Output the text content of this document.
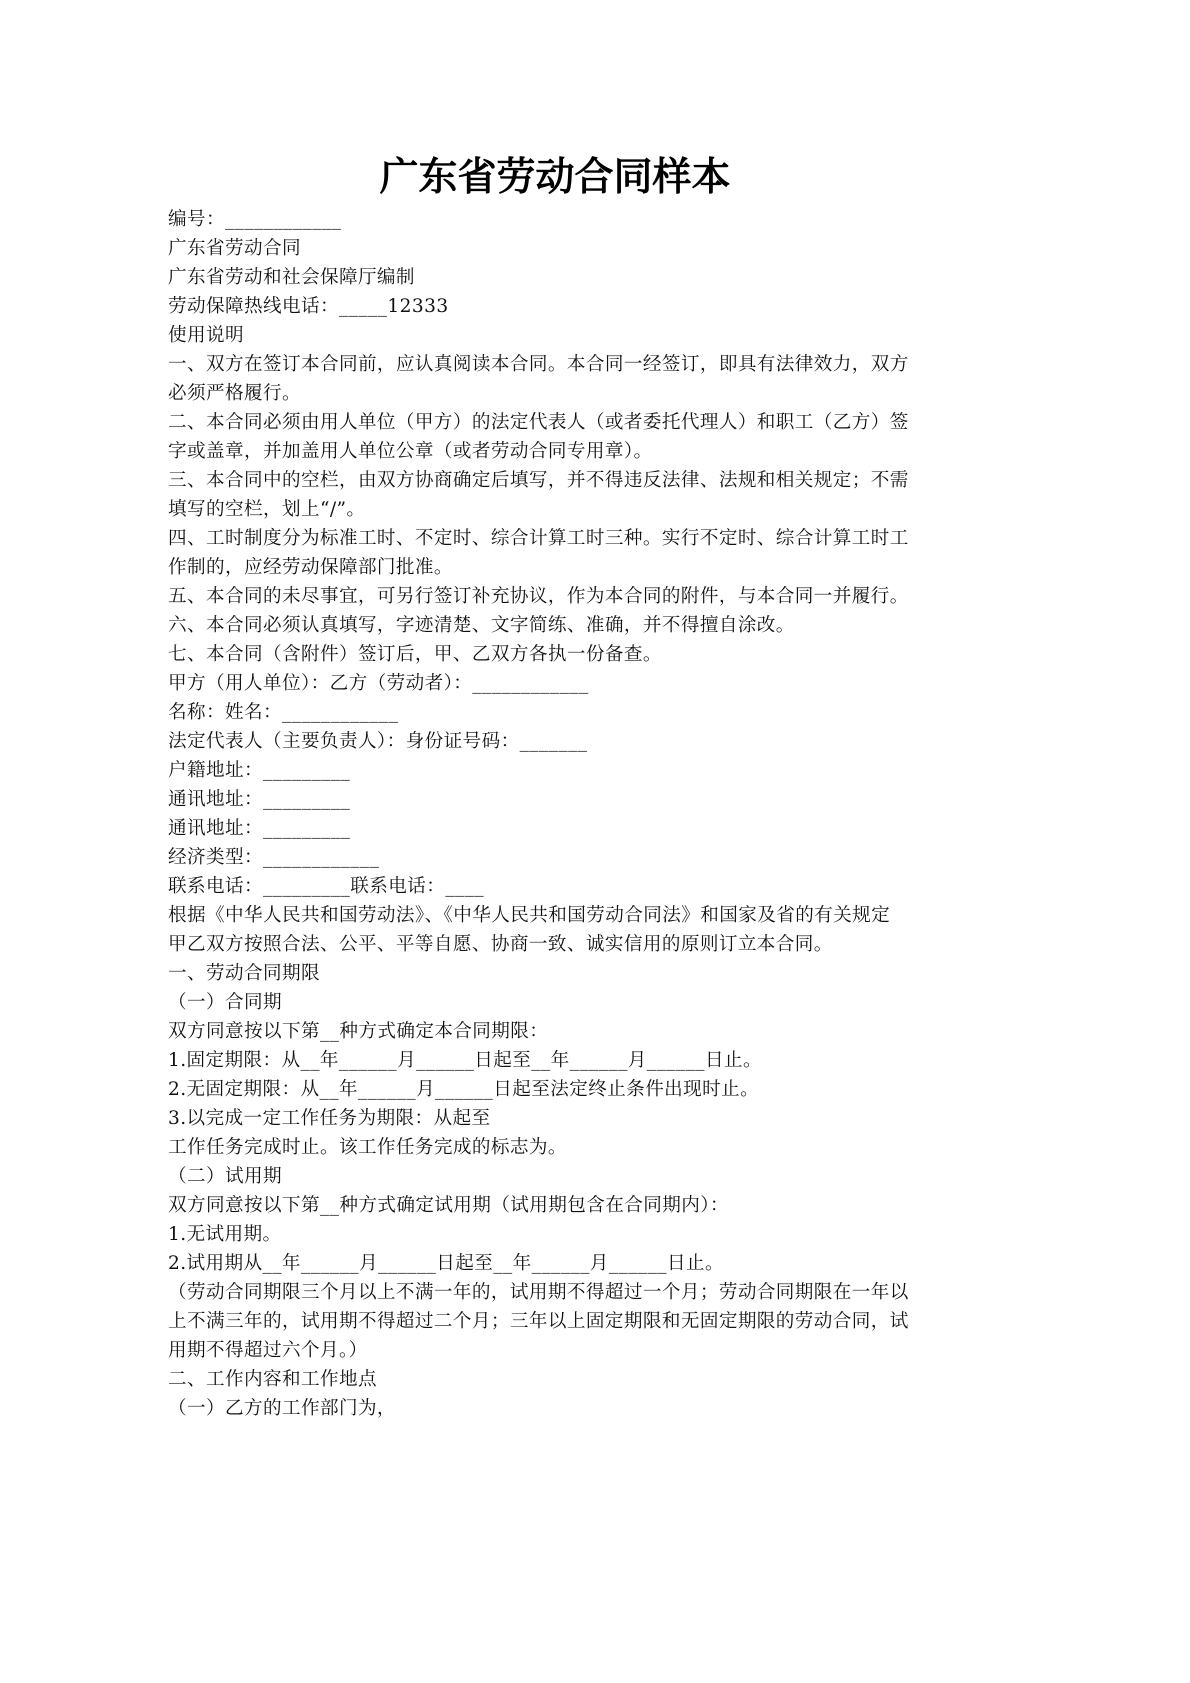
广东省劳动合同样本
编号：____________
广东省劳动合同
广东省劳动和社会保障厅编制
劳动保障热线电话：_____12333
使用说明
一、双方在签订本合同前，应认真阅读本合同。本合同一经签订，即具有法律效力，双方
必须严格履行。
二、本合同必须由用人单位（甲方）的法定代表人（或者委托代理人）和职工（乙方）签
字或盖章，并加盖用人单位公章（或者劳动合同专用章）。
三、本合同中的空栏，由双方协商确定后填写，并不得违反法律、法规和相关规定；不需
填写的空栏，划上“/”。
四、工时制度分为标准工时、不定时、综合计算工时三种。实行不定时、综合计算工时工
作制的，应经劳动保障部门批准。
五、本合同的未尽事宜，可另行签订补充协议，作为本合同的附件，与本合同一并履行。
六、本合同必须认真填写，字迹清楚、文字简练、准确，并不得擅自涂改。
七、本合同（含附件）签订后，甲、乙双方各执一份备查。
甲方（用人单位）：乙方（劳动者）：____________
名称：姓名：____________
法定代表人（主要负责人）：身份证号码：_______
户籍地址：_________
通讯地址：_________
通讯地址：_________
经济类型：____________
联系电话：_________联系电话：____
根据《中华人民共和国劳动法》、《中华人民共和国劳动合同法》和国家及省的有关规定
甲乙双方按照合法、公平、平等自愿、协商一致、诚实信用的原则订立本合同。
一、劳动合同期限
（一）合同期
双方同意按以下第__种方式确定本合同期限：
1.固定期限：从__年______月______日起至__年______月______日止。
2.无固定期限：从__年______月______日起至法定终止条件出现时止。
3.以完成一定工作任务为期限：从起至
工作任务完成时止。该工作任务完成的标志为。
（二）试用期
双方同意按以下第__种方式确定试用期（试用期包含在合同期内）：
1.无试用期。
2.试用期从__年______月______日起至__年______月______日止。
（劳动合同期限三个月以上不满一年的，试用期不得超过一个月；劳动合同期限在一年以
上不满三年的，试用期不得超过二个月；三年以上固定期限和无固定期限的劳动合同，试
用期不得超过六个月。）
二、工作内容和工作地点
（一）乙方的工作部门为，
